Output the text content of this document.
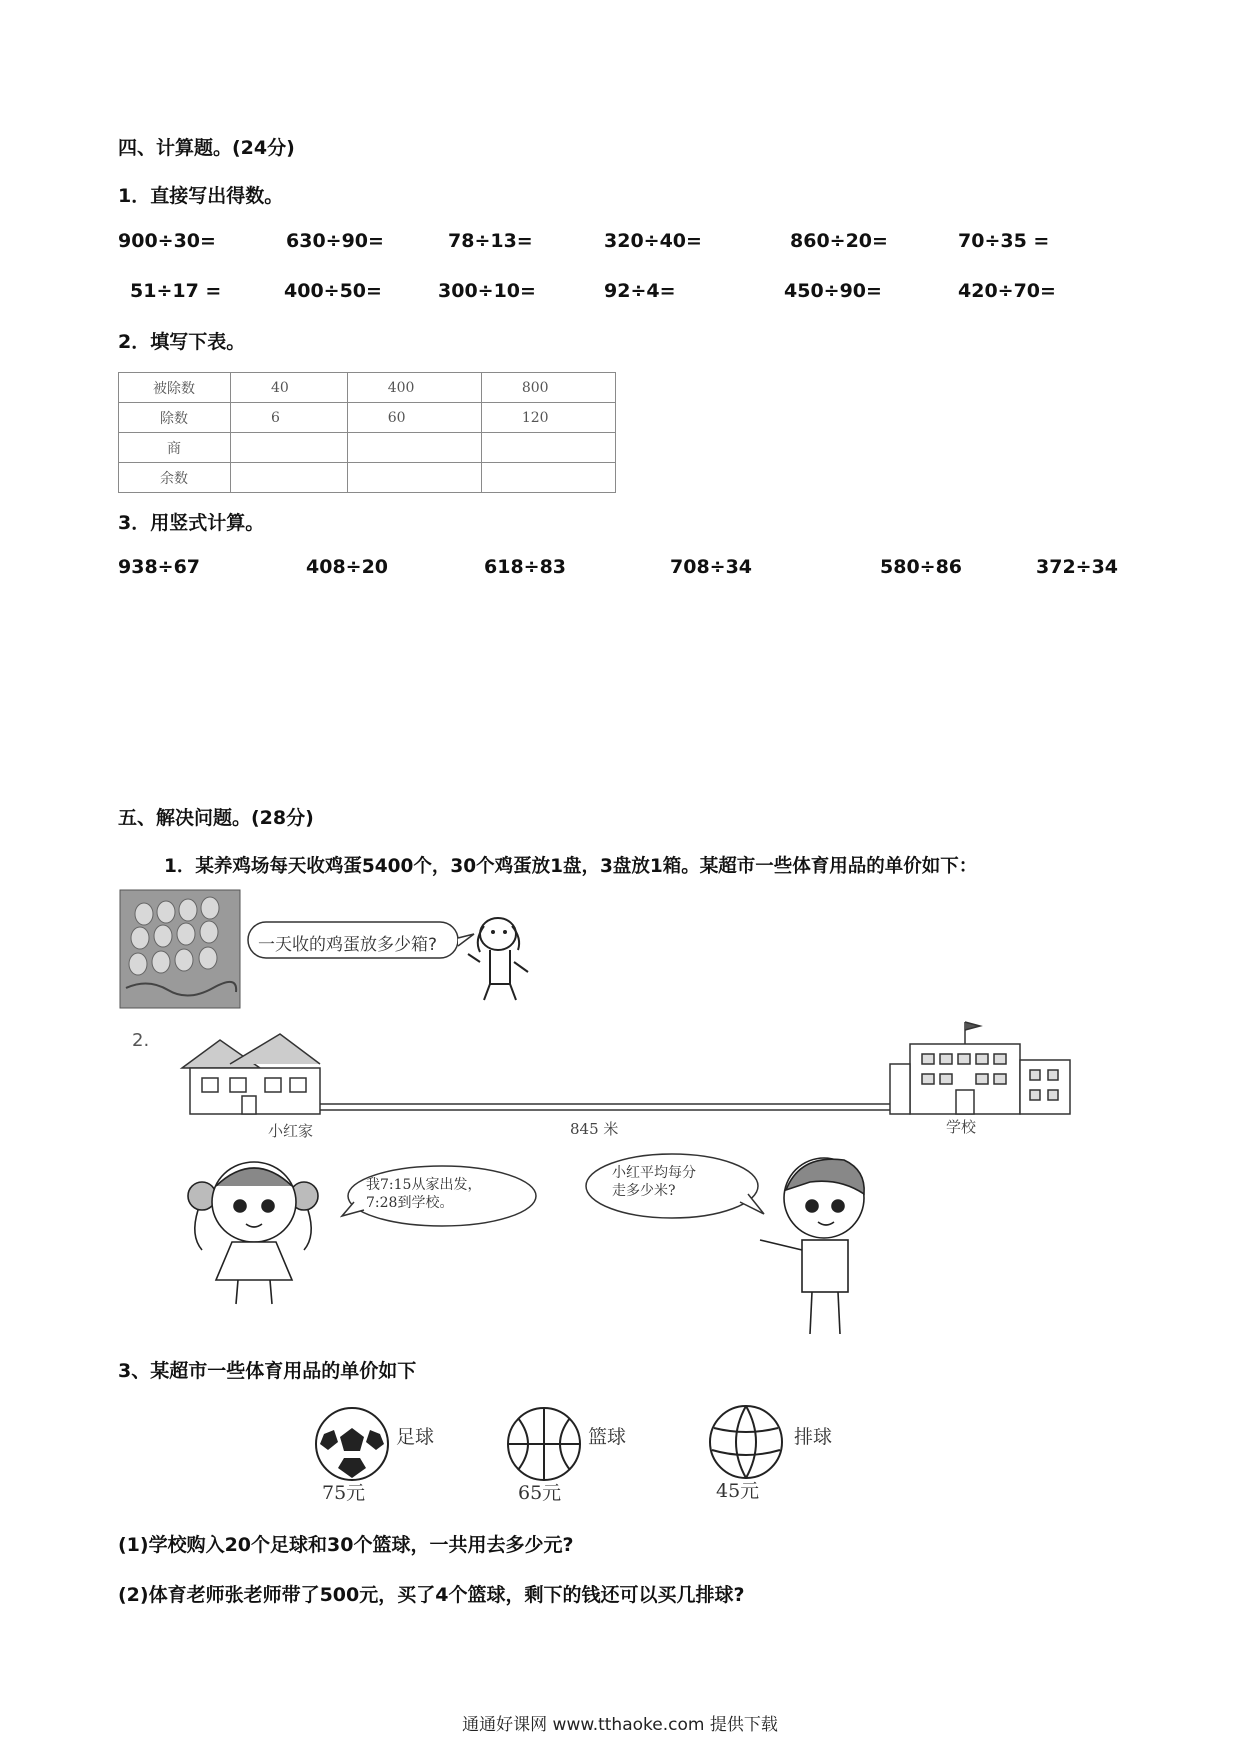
四、计算题。(24分)
1．直接写出得数。
900÷30=	630÷90=	78÷13=	320÷40=	860÷20=	70÷35 =
51÷17 =	400÷50=	300÷10=	92÷4=	450÷90=	420÷70=
2．填写下表。
被除数	40	400	800
除数	6	60	120
商			
余数			
3．用竖式计算。
938÷67	408÷20	618÷83	708÷34	580÷86	372÷34
五、解决问题。(28分)
1．某养鸡场每天收鸡蛋5400个，30个鸡蛋放1盘，3盘放1箱。某超市一些体育用品的单价如下：
一天收的鸡蛋放多少箱?
2.
小红家	845 米	学校
我7:15从家出发，
7:28到学校。
小红平均每分
走多少米?
3、某超市一些体育用品的单价如下
足球
75元
篮球
65元
排球
45元
(1)学校购入20个足球和30个篮球，一共用去多少元?
(2)体育老师张老师带了500元，买了4个篮球，剩下的钱还可以买几排球?
通通好课网 www.tthaoke.com 提供下载
